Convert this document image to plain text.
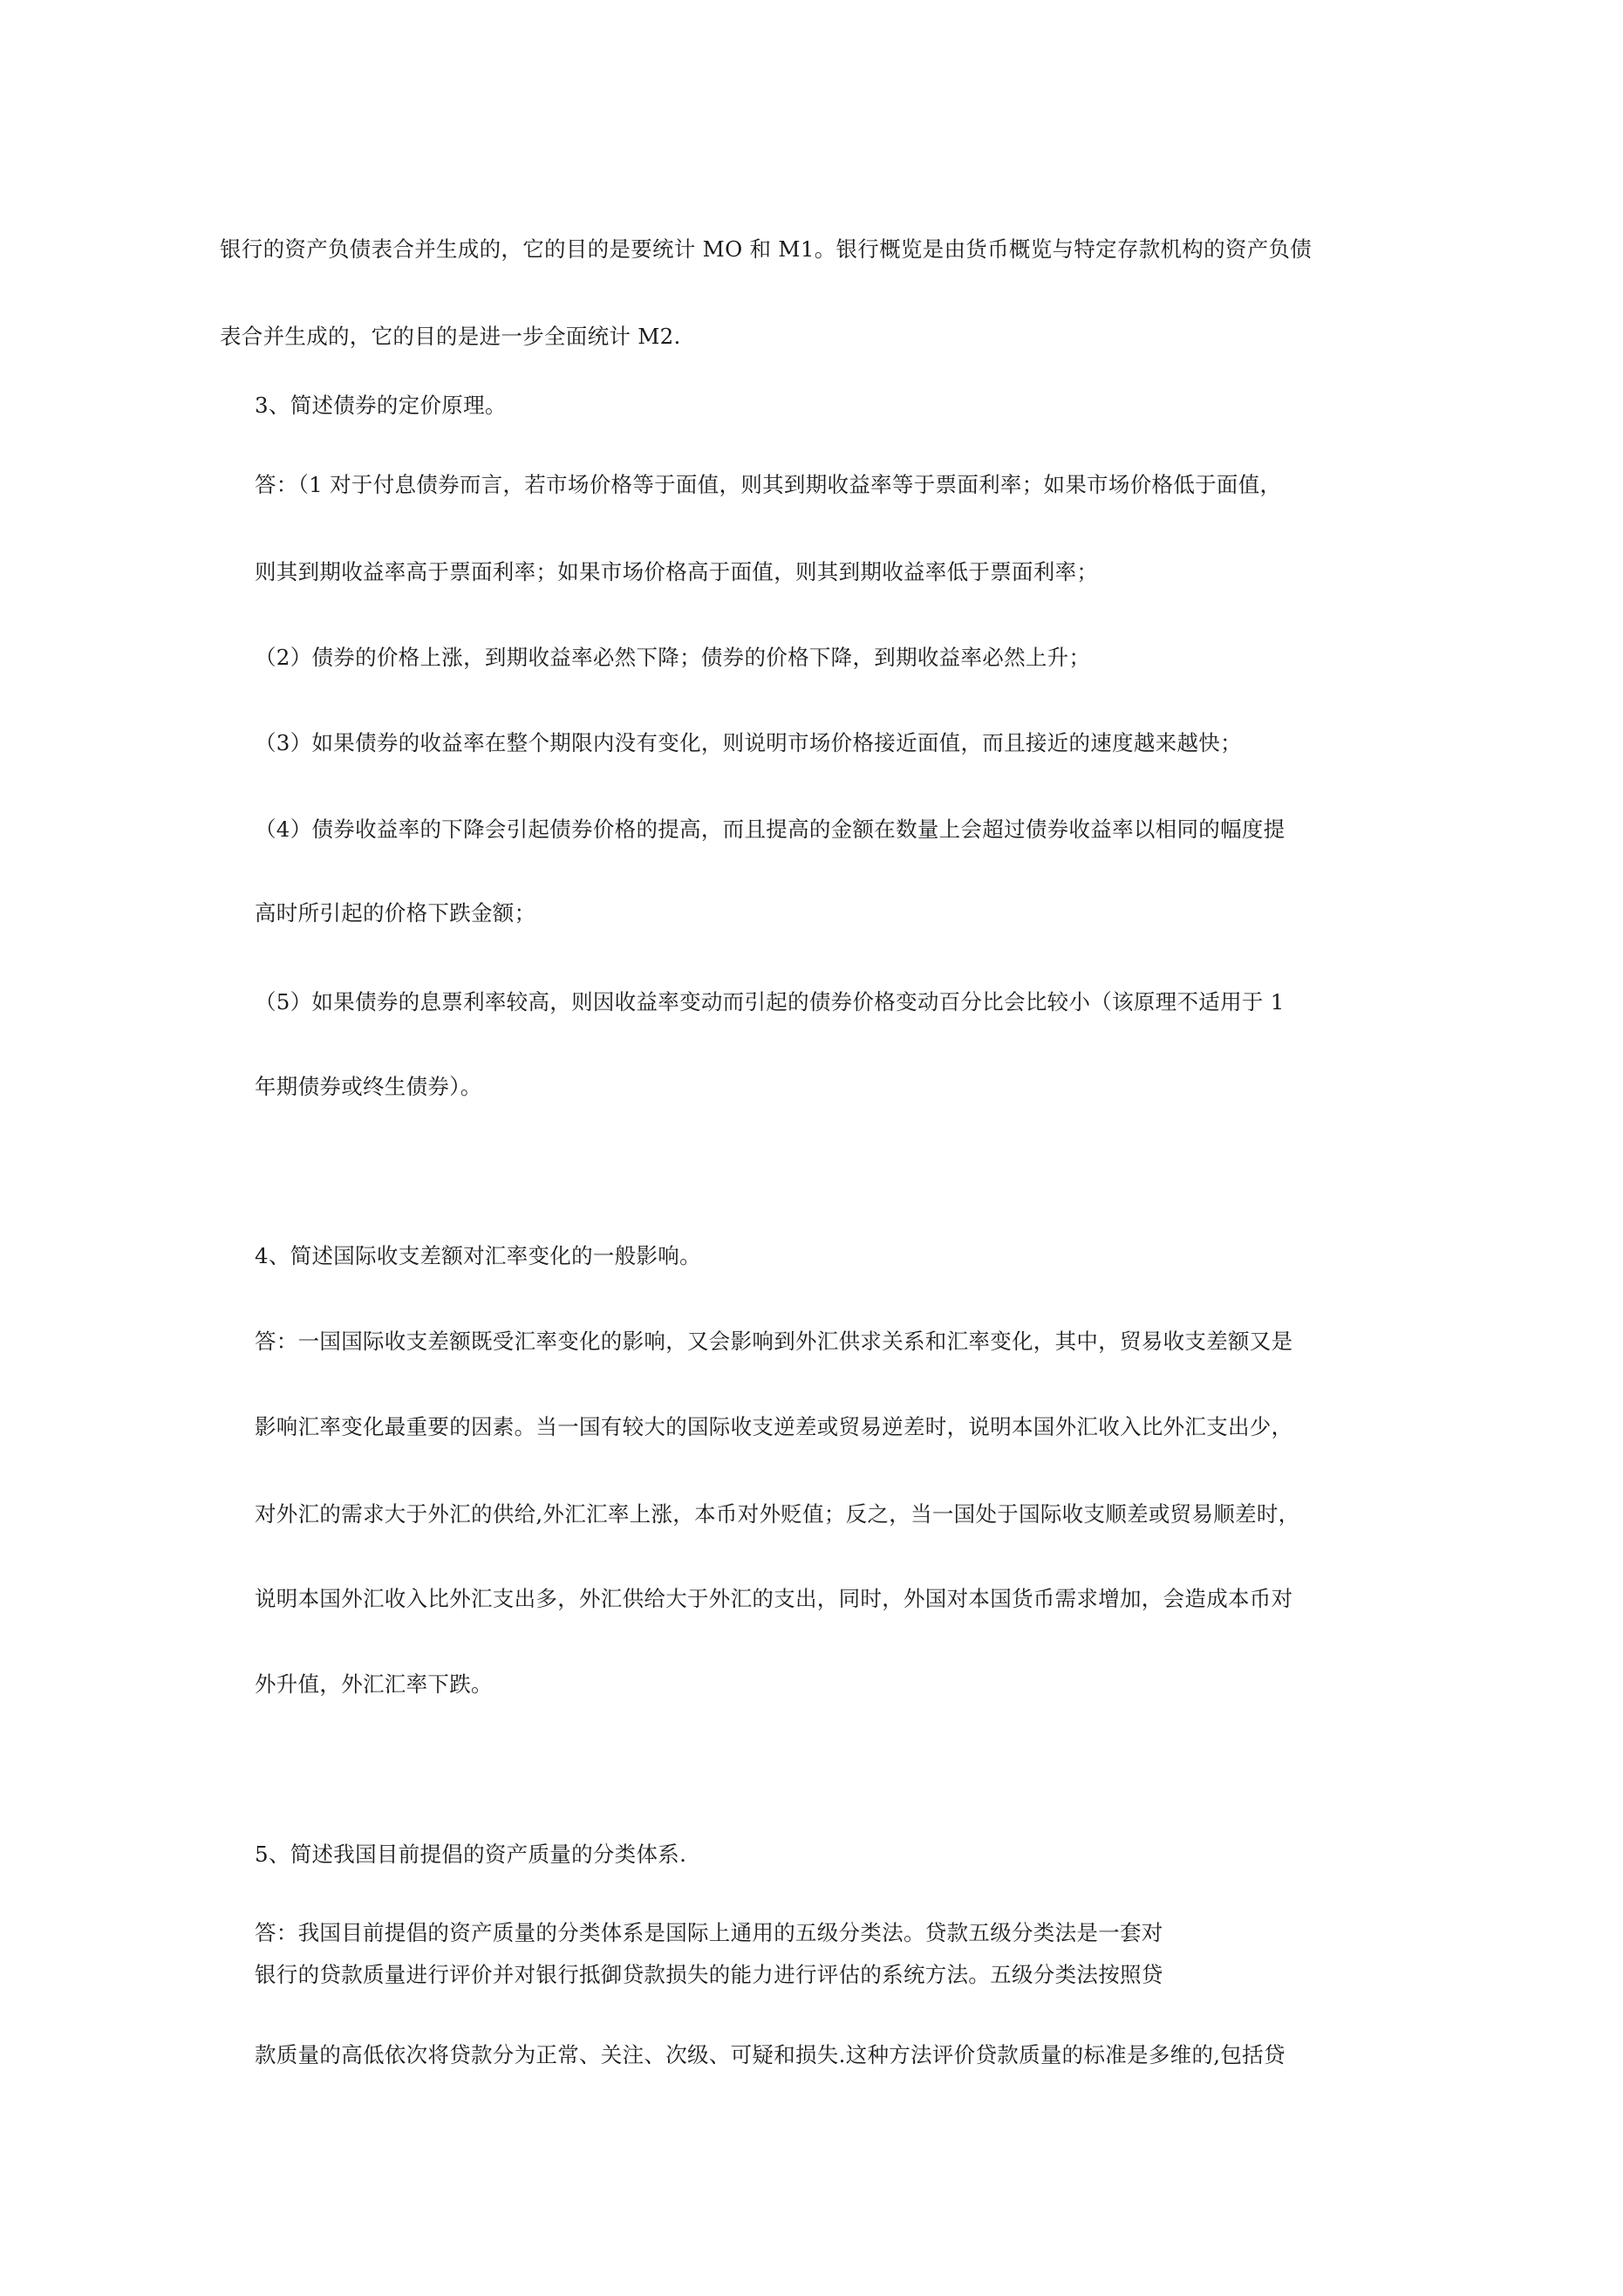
银行的资产负债表合并生成的，它的目的是要统计 MO 和 M1。银行概览是由货币概览与特定存款机构的资产负债
表合并生成的，它的目的是进一步全面统计 M2.
3、简述债券的定价原理。
答：（1 对于付息债券而言，若市场价格等于面值，则其到期收益率等于票面利率；如果市场价格低于面值，
则其到期收益率高于票面利率；如果市场价格高于面值，则其到期收益率低于票面利率；
（2）债券的价格上涨，到期收益率必然下降；债券的价格下降，到期收益率必然上升；
（3）如果债券的收益率在整个期限内没有变化，则说明市场价格接近面值，而且接近的速度越来越快；
（4）债券收益率的下降会引起债券价格的提高，而且提高的金额在数量上会超过债券收益率以相同的幅度提
高时所引起的价格下跌金额；
（5）如果债券的息票利率较高，则因收益率变动而引起的债券价格变动百分比会比较小（该原理不适用于 1
年期债券或终生债券）。
4、简述国际收支差额对汇率变化的一般影响。
答：一国国际收支差额既受汇率变化的影响，又会影响到外汇供求关系和汇率变化，其中，贸易收支差额又是
影响汇率变化最重要的因素。当一国有较大的国际收支逆差或贸易逆差时，说明本国外汇收入比外汇支出少，
对外汇的需求大于外汇的供给,外汇汇率上涨，本币对外贬值；反之，当一国处于国际收支顺差或贸易顺差时，
说明本国外汇收入比外汇支出多，外汇供给大于外汇的支出，同时，外国对本国货币需求增加，会造成本币对
外升值，外汇汇率下跌。
5、简述我国目前提倡的资产质量的分类体系.
答：我国目前提倡的资产质量的分类体系是国际上通用的五级分类法。贷款五级分类法是一套对
银行的贷款质量进行评价并对银行抵御贷款损失的能力进行评估的系统方法。五级分类法按照贷
款质量的高低依次将贷款分为正常、关注、次级、可疑和损失.这种方法评价贷款质量的标准是多维的,包括贷
